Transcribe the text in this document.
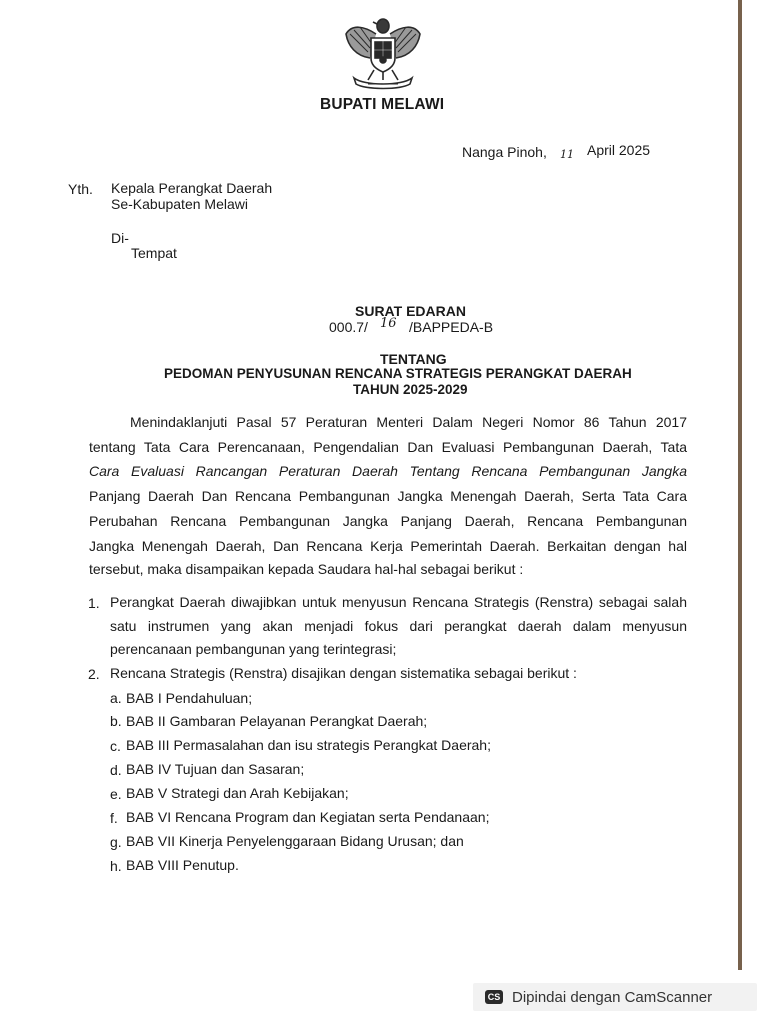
BUPATI MELAWI
Nanga Pinoh, 11 April 2025
Yth. Kepala Perangkat Daerah
Se-Kabupaten Melawi
Di-
Tempat
SURAT EDARAN
000.7/ 16 /BAPPEDA-B
TENTANG
PEDOMAN PENYUSUNAN RENCANA STRATEGIS PERANGKAT DAERAH
TAHUN 2025-2029
Menindaklanjuti Pasal 57 Peraturan Menteri Dalam Negeri Nomor 86 Tahun 2017
tentang Tata Cara Perencanaan, Pengendalian Dan Evaluasi Pembangunan Daerah, Tata
Cara Evaluasi Rancangan Peraturan Daerah Tentang Rencana Pembangunan Jangka
Panjang Daerah Dan Rencana Pembangunan Jangka Menengah Daerah, Serta Tata Cara
Perubahan Rencana Pembangunan Jangka Panjang Daerah, Rencana Pembangunan
Jangka Menengah Daerah, Dan Rencana Kerja Pemerintah Daerah. Berkaitan dengan hal
tersebut, maka disampaikan kepada Saudara hal-hal sebagai berikut :
1. Perangkat Daerah diwajibkan untuk menyusun Rencana Strategis (Renstra) sebagai salah
satu instrumen yang akan menjadi fokus dari perangkat daerah dalam menyusun
perencanaan pembangunan yang terintegrasi;
2. Rencana Strategis (Renstra) disajikan dengan sistematika sebagai berikut :
a. BAB I Pendahuluan;
b. BAB II Gambaran Pelayanan Perangkat Daerah;
c. BAB III Permasalahan dan isu strategis Perangkat Daerah;
d. BAB IV Tujuan dan Sasaran;
e. BAB V Strategi dan Arah Kebijakan;
f. BAB VI Rencana Program dan Kegiatan serta Pendanaan;
g. BAB VII Kinerja Penyelenggaraan Bidang Urusan; dan
h. BAB VIII Penutup.
CS Dipindai dengan CamScanner
